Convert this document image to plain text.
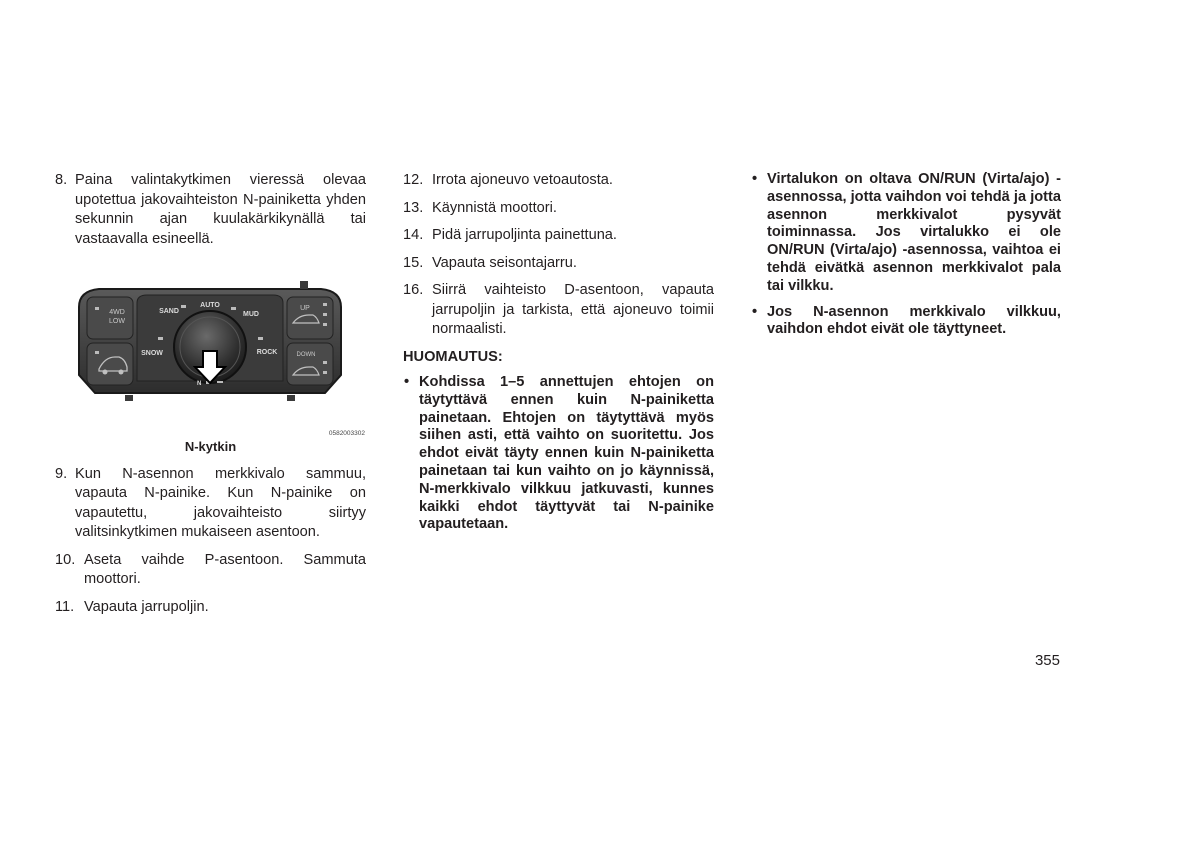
8. Paina valintakytkimen vieressä olevaa upotettua jakovaihteiston N-painiketta yhden sekunnin ajan kuulakärkikynällä tai vastaavalla esineellä.
4WD
LOW
UP
DOWN
AUTO
SAND	MUD
SNOW	ROCK
N
0582003302
N-kytkin
9. Kun N-asennon merkkivalo sammuu, vapauta N-painike. Kun N-painike on vapautettu, jakovaihteisto siirtyy valitsinkytkimen mukaiseen asentoon.
10. Aseta vaihde P-asentoon. Sammuta moottori.
11. Vapauta jarrupoljin.
12. Irrota ajoneuvo vetoautosta.
13. Käynnistä moottori.
14. Pidä jarrupoljinta painettuna.
15. Vapauta seisontajarru.
16. Siirrä vaihteisto D-asentoon, vapauta jarrupoljin ja tarkista, että ajoneuvo toimii normaalisti.
HUOMAUTUS:
• Kohdissa 1–5 annettujen ehtojen on täytyttävä ennen kuin N-painiketta painetaan. Ehtojen on täytyttävä myös siihen asti, että vaihto on suoritettu. Jos ehdot eivät täyty ennen kuin N-painiketta painetaan tai kun vaihto on jo käynnissä, N-merkkivalo vilkkuu jatkuvasti, kunnes kaikki ehdot täyttyvät tai N-painike vapautetaan.
• Virtalukon on oltava ON/RUN (Virta/ajo) -asennossa, jotta vaihdon voi tehdä ja jotta asennon merkkivalot pysyvät toiminnassa. Jos virtalukko ei ole ON/RUN (Virta/ajo) -asennossa, vaihtoa ei tehdä eivätkä asennon merkkivalot pala tai vilkku.
• Jos N-asennon merkkivalo vilkkuu, vaihdon ehdot eivät ole täyttyneet.
355
